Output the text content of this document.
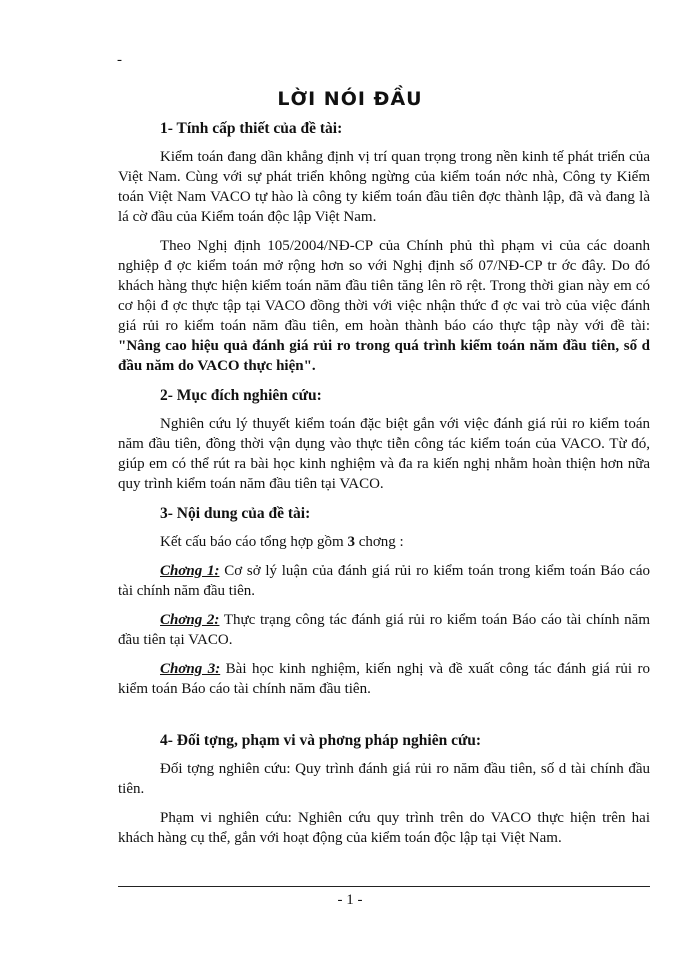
-
LỜI NÓI ĐẦU
1- Tính cấp thiết của đề tài:
Kiểm toán đang dần khẳng định vị trí quan trọng trong nền kinh tế phát triển của Việt Nam. Cùng với sự phát triển không ngừng của kiểm toán nớc nhà, Công ty Kiểm toán Việt Nam VACO tự hào là công ty kiểm toán đầu tiên đợc thành lập, đã và đang là lá cờ đầu của Kiểm toán độc lập Việt Nam.
Theo Nghị định 105/2004/NĐ-CP của Chính phủ thì phạm vi của các doanh nghiệp đ ợc kiểm toán mở rộng hơn so với Nghị định số 07/NĐ-CP tr ớc đây. Do đó khách hàng thực hiện kiểm toán năm đầu tiên tăng lên rõ rệt. Trong thời gian này em có cơ hội đ ợc thực tập tại VACO đồng thời với việc nhận thức đ ợc vai trò của việc đánh giá rủi ro kiểm toán năm đầu tiên, em hoàn thành báo cáo thực tập này với đề tài: "Nâng cao hiệu quả đánh giá rủi ro trong quá trình kiểm toán năm đầu tiên, số d đầu năm do VACO thực hiện".
2- Mục đích nghiên cứu:
Nghiên cứu lý thuyết kiểm toán đặc biệt gắn với việc đánh giá rủi ro kiểm toán năm đầu tiên, đồng thời vận dụng vào thực tiễn công tác kiểm toán của VACO. Từ đó, giúp em có thể rút ra bài học kinh nghiệm và đa ra kiến nghị nhằm hoàn thiện hơn nữa quy trình kiểm toán năm đầu tiên tại VACO.
3- Nội dung của đề tài:
Kết cấu báo cáo tổng hợp gồm 3 chơng :
Chơng 1: Cơ sở lý luận của đánh giá rủi ro kiểm toán trong kiểm toán Báo cáo tài chính năm đầu tiên.
Chơng 2: Thực trạng công tác đánh giá rủi ro kiểm toán Báo cáo tài chính năm đầu tiên tại VACO.
Chơng 3: Bài học kinh nghiệm, kiến nghị và đề xuất công tác đánh giá rủi ro kiểm toán Báo cáo tài chính năm đầu tiên.
4- Đối tợng, phạm vi và phơng pháp nghiên cứu:
Đối tợng nghiên cứu: Quy trình đánh giá rủi ro năm đầu tiên, số d tài chính đầu tiên.
Phạm vi nghiên cứu: Nghiên cứu quy trình trên do VACO thực hiện trên hai khách hàng cụ thể, gắn với hoạt động của kiểm toán độc lập tại Việt Nam.
- 1 -
